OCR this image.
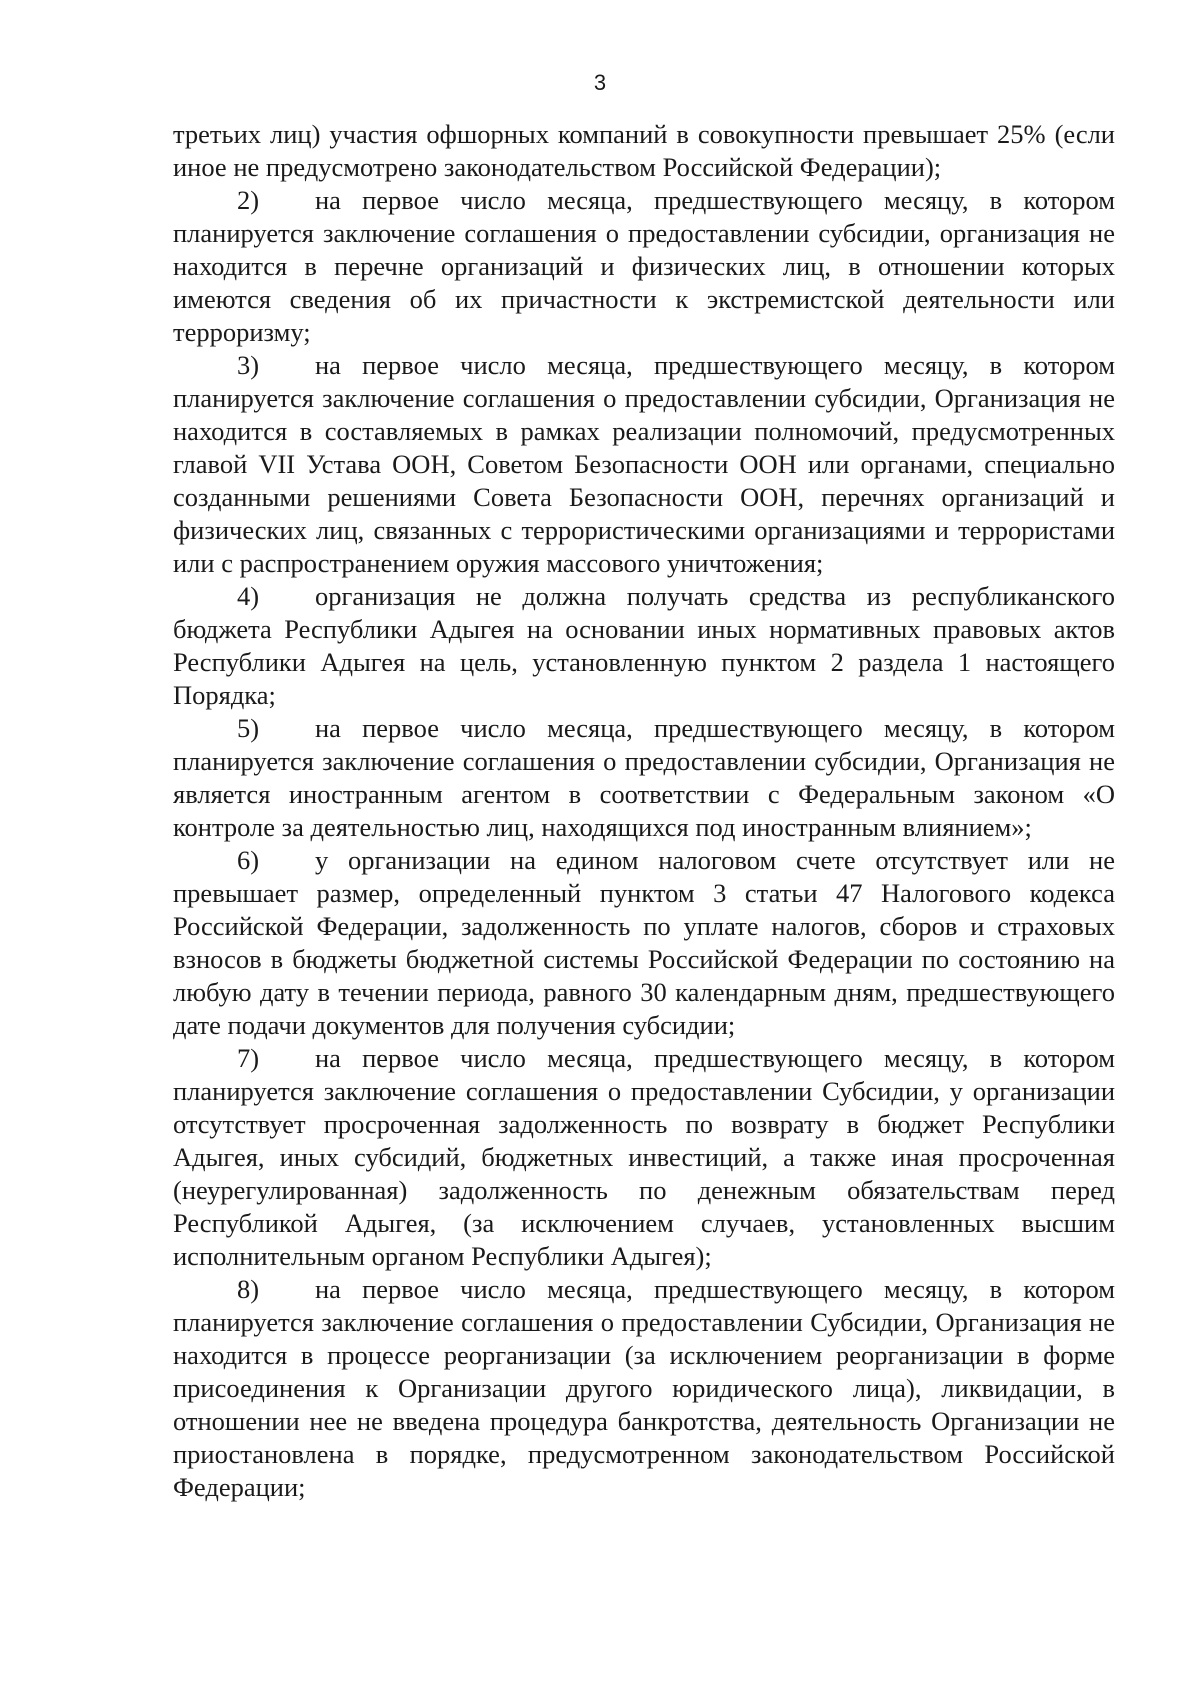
3

третьих лиц) участия офшорных компаний в совокупности превышает 25% (если иное не предусмотрено законодательством Российской Федерации);

2) на первое число месяца, предшествующего месяцу, в котором планируется заключение соглашения о предоставлении субсидии, организация не находится в перечне организаций и физических лиц, в отношении которых имеются сведения об их причастности к экстремистской деятельности или терроризму;

3) на первое число месяца, предшествующего месяцу, в котором планируется заключение соглашения о предоставлении субсидии, Организация не находится в составляемых в рамках реализации полномочий, предусмотренных главой VII Устава ООН, Советом Безопасности ООН или органами, специально созданными решениями Совета Безопасности ООН, перечнях организаций и физических лиц, связанных с террористическими организациями и террористами или с распространением оружия массового уничтожения;

4) организация не должна получать средства из республиканского бюджета Республики Адыгея на основании иных нормативных правовых актов Республики Адыгея на цель, установленную пунктом 2 раздела 1 настоящего Порядка;

5) на первое число месяца, предшествующего месяцу, в котором планируется заключение соглашения о предоставлении субсидии, Организация не является иностранным агентом в соответствии с Федеральным законом «О контроле за деятельностью лиц, находящихся под иностранным влиянием»;

6) у организации на едином налоговом счете отсутствует или не превышает размер, определенный пунктом 3 статьи 47 Налогового кодекса Российской Федерации, задолженность по уплате налогов, сборов и страховых взносов в бюджеты бюджетной системы Российской Федерации по состоянию на любую дату в течении периода, равного 30 календарным дням, предшествующего дате подачи документов для получения субсидии;

7) на первое число месяца, предшествующего месяцу, в котором планируется заключение соглашения о предоставлении Субсидии, у организации отсутствует просроченная задолженность по возврату в бюджет Республики Адыгея, иных субсидий, бюджетных инвестиций, а также иная просроченная (неурегулированная) задолженность по денежным обязательствам перед Республикой Адыгея, (за исключением случаев, установленных высшим исполнительным органом Республики Адыгея);

8) на первое число месяца, предшествующего месяцу, в котором планируется заключение соглашения о предоставлении Субсидии, Организация не находится в процессе реорганизации (за исключением реорганизации в форме присоединения к Организации другого юридического лица), ликвидации, в отношении нее не введена процедура банкротства, деятельность Организации не приостановлена в порядке, предусмотренном законодательством Российской Федерации;
